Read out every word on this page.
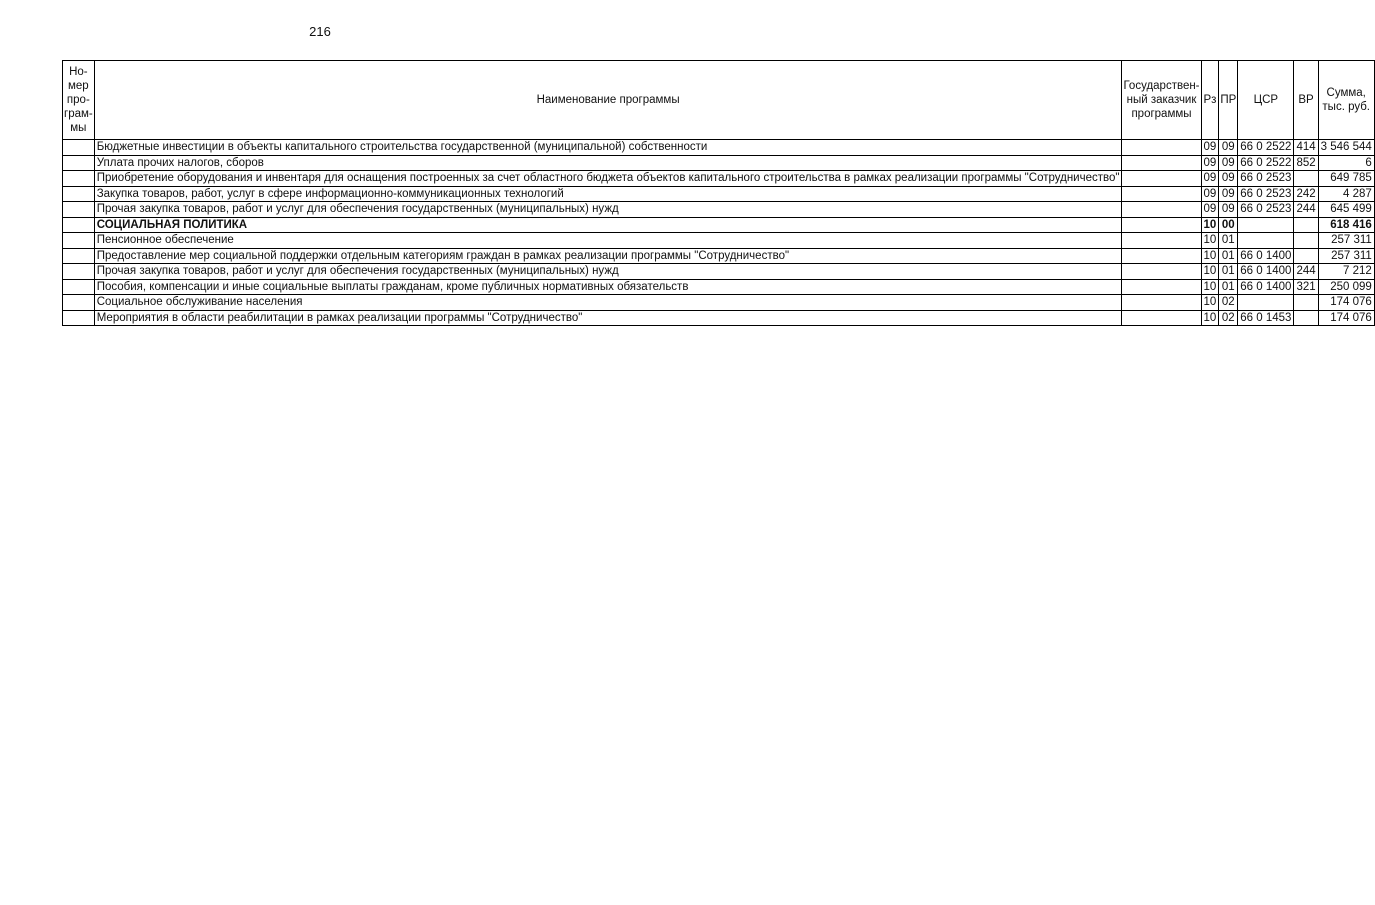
216
Но-мер про-грам-мы	Наименование программы	Государствен-ный заказчик программы	Рз	ПР	ЦСР	ВР	Сумма, тыс. руб.
	Бюджетные инвестиции в объекты капитального строительства государственной (муниципальной) собственности		09	09	66 0 2522	414	3 546 544
	Уплата прочих налогов, сборов		09	09	66 0 2522	852	6
	Приобретение оборудования и инвентаря для оснащения построенных за счет областного бюджета объектов капитального строительства в рамках реализации программы "Сотрудничество"		09	09	66 0 2523		649 785
	Закупка товаров, работ, услуг в сфере информационно-коммуникационных технологий		09	09	66 0 2523	242	4 287
	Прочая закупка товаров, работ и услуг для обеспечения государственных (муниципальных) нужд		09	09	66 0 2523	244	645 499
	СОЦИАЛЬНАЯ ПОЛИТИКА		10	00			618 416
	Пенсионное обеспечение		10	01			257 311
	Предоставление мер социальной поддержки отдельным категориям граждан в рамках реализации программы "Сотрудничество"		10	01	66 0 1400		257 311
	Прочая закупка товаров, работ и услуг для обеспечения государственных (муниципальных) нужд		10	01	66 0 1400	244	7 212
	Пособия, компенсации и иные социальные выплаты гражданам, кроме публичных нормативных обязательств		10	01	66 0 1400	321	250 099
	Социальное обслуживание населения		10	02			174 076
	Мероприятия в области реабилитации в рамках реализации программы "Сотрудничество"		10	02	66 0 1453		174 076
